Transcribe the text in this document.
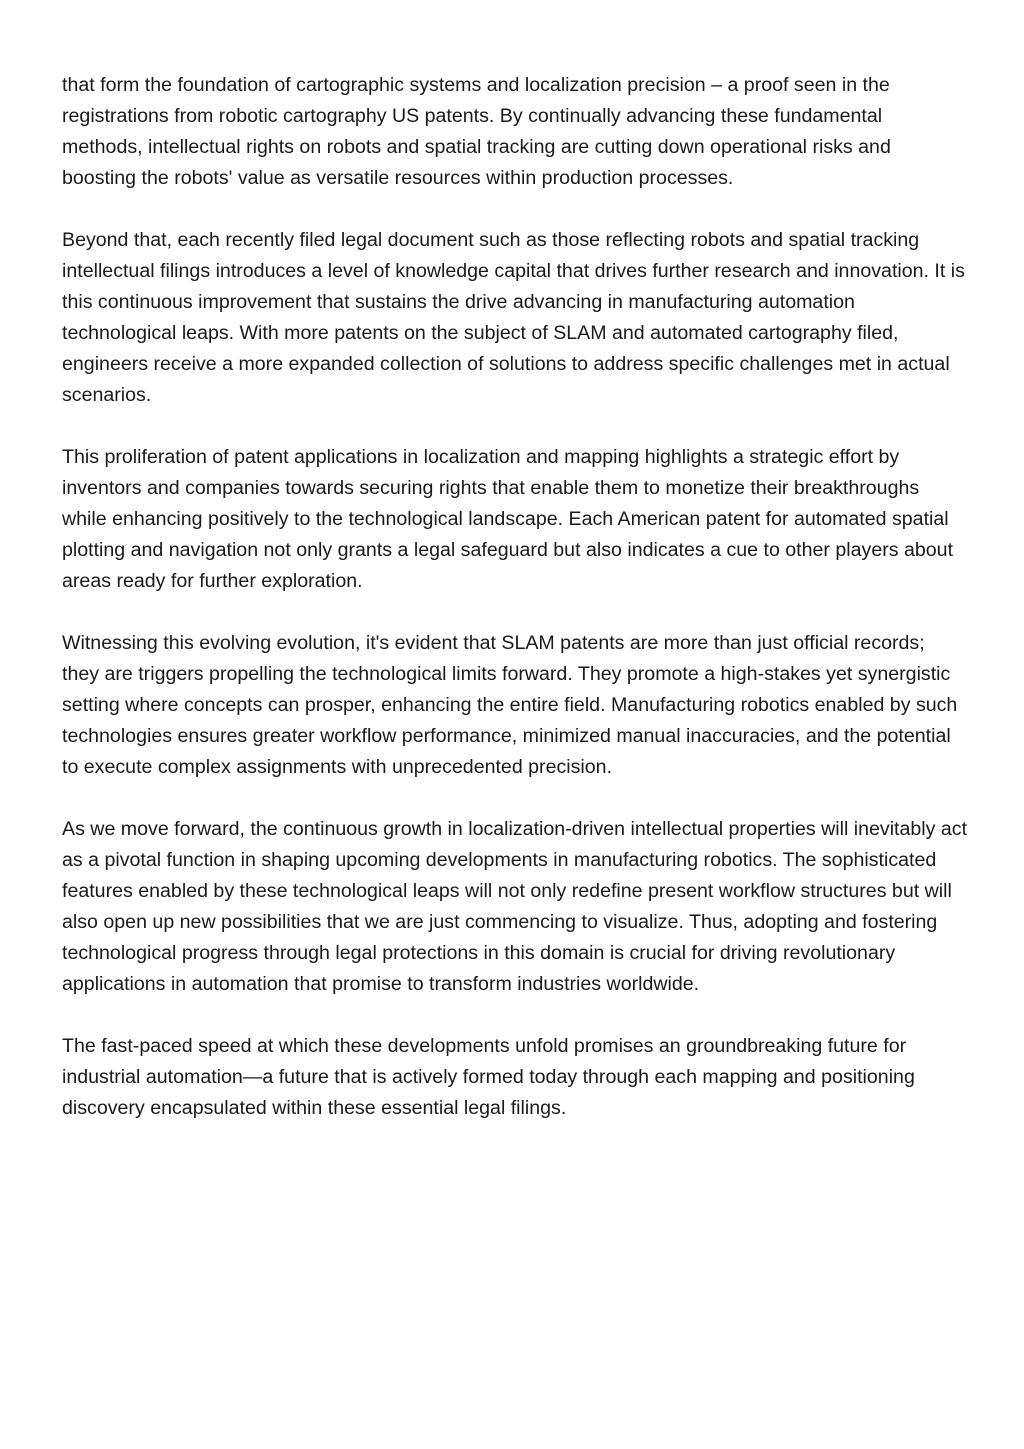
that form the foundation of cartographic systems and localization precision – a proof seen in the registrations from robotic cartography US patents. By continually advancing these fundamental methods, intellectual rights on robots and spatial tracking are cutting down operational risks and boosting the robots' value as versatile resources within production processes.

Beyond that, each recently filed legal document such as those reflecting robots and spatial tracking intellectual filings introduces a level of knowledge capital that drives further research and innovation. It is this continuous improvement that sustains the drive advancing in manufacturing automation technological leaps. With more patents on the subject of SLAM and automated cartography filed, engineers receive a more expanded collection of solutions to address specific challenges met in actual scenarios.

This proliferation of patent applications in localization and mapping highlights a strategic effort by inventors and companies towards securing rights that enable them to monetize their breakthroughs while enhancing positively to the technological landscape. Each American patent for automated spatial plotting and navigation not only grants a legal safeguard but also indicates a cue to other players about areas ready for further exploration.

Witnessing this evolving evolution, it's evident that SLAM patents are more than just official records; they are triggers propelling the technological limits forward. They promote a high-stakes yet synergistic setting where concepts can prosper, enhancing the entire field. Manufacturing robotics enabled by such technologies ensures greater workflow performance, minimized manual inaccuracies, and the potential to execute complex assignments with unprecedented precision.

As we move forward, the continuous growth in localization-driven intellectual properties will inevitably act as a pivotal function in shaping upcoming developments in manufacturing robotics. The sophisticated features enabled by these technological leaps will not only redefine present workflow structures but will also open up new possibilities that we are just commencing to visualize. Thus, adopting and fostering technological progress through legal protections in this domain is crucial for driving revolutionary applications in automation that promise to transform industries worldwide.

The fast-paced speed at which these developments unfold promises an groundbreaking future for industrial automation—a future that is actively formed today through each mapping and positioning discovery encapsulated within these essential legal filings.
